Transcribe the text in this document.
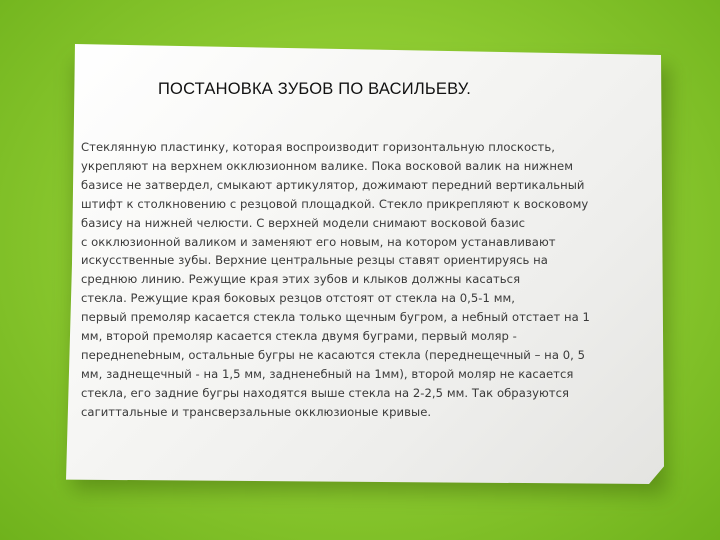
ПОСТАНОВКА ЗУБОВ ПО ВАСИЛЬЕВУ.
Стеклянную пластинку, которая воспроизводит горизонтальную плоскость,
укрепляют на верхнем окклюзионном валике. Пока восковой валик на нижнем
базисе не затвердел, смыкают артикулятор, дожимают передний вертикальный
штифт к столкновению с резцовой площадкой. Стекло прикрепляют к восковому
базису на нижней челюсти. С верхней модели снимают восковой базис
с окклюзионной валиком и заменяют его новым, на котором устанавливают
искусственные зубы. Верхние центральные резцы ставят ориентируясь на
среднюю линию. Режущие края этих зубов и клыков должны касаться
стекла. Режущие края боковых резцов отстоят от стекла на 0,5-1 мм,
первый премоляр касается стекла только щечным бугром, а небный отстает на 1
мм, второй премоляр касается стекла двумя буграми, первый моляр -
переднenebным, остальные бугры не касаются стекла (переднещечный – на 0, 5
мм, заднещечный - на 1,5 мм, задненебный на 1мм), второй моляр не касается
стекла, его задние бугры находятся выше стекла на 2-2,5 мм. Так образуются
сагиттальные и трансверзальные окклюзионые кривые.
